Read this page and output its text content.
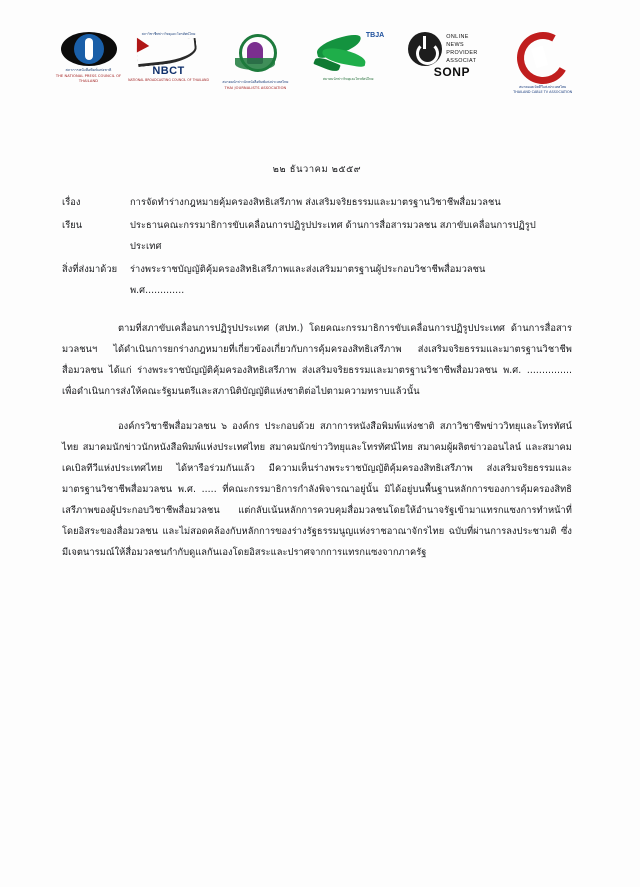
สภาการหนังสือพิมพ์แห่งชาติ
THE NATIONAL PRESS COUNCIL OF THAILAND
สภาวิชาชีพข่าววิทยุและโทรทัศน์ไทย
NBCT
NATIONAL BROADCASTING COUNCIL OF THAILAND	สมาคมนักข่าวนักหนังสือพิมพ์แห่งประเทศไทย
THAI JOURNALISTS ASSOCIATION
TBJA
สมาคมนักข่าววิทยุและโทรทัศน์ไทย
ONLINE
NEWS
PROVIDER
ASSOCIAT
SONP
สมาคมเคเบิลทีวีแห่งประเทศไทย
THAILAND CABLE TV ASSOCIATION
๒๒ ธันวาคม ๒๕๕๙
เรื่อง	การจัดทำร่างกฎหมายคุ้มครองสิทธิเสรีภาพ ส่งเสริมจริยธรรมและมาตรฐานวิชาชีพสื่อมวลชน
เรียน	ประธานคณะกรรมาธิการขับเคลื่อนการปฏิรูปประเทศ ด้านการสื่อสารมวลชน สภาขับเคลื่อนการปฏิรูป
ประเทศ
สิ่งที่ส่งมาด้วย	ร่างพระราชบัญญัติคุ้มครองสิทธิเสรีภาพและส่งเสริมมาตรฐานผู้ประกอบวิชาชีพสื่อมวลชน
พ.ศ.............
ตามที่สภาขับเคลื่อนการปฏิรูปประเทศ (สปท.) โดยคณะกรรมาธิการขับเคลื่อนการปฏิรูปประเทศ ด้านการสื่อสารมวลชนฯ ได้ดำเนินการยกร่างกฎหมายที่เกี่ยวข้องเกี่ยวกับการคุ้มครองสิทธิเสรีภาพ ส่งเสริมจริยธรรมและมาตรฐานวิชาชีพสื่อมวลชน ได้แก่ ร่างพระราชบัญญัติคุ้มครองสิทธิเสรีภาพ ส่งเสริมจริยธรรมและมาตรฐานวิชาชีพสื่อมวลชน พ.ศ. ............... เพื่อดำเนินการส่งให้คณะรัฐมนตรีและสภานิติบัญญัติแห่งชาติต่อไปตามความทราบแล้วนั้น
องค์กรวิชาชีพสื่อมวลชน ๖ องค์กร ประกอบด้วย สภาการหนังสือพิมพ์แห่งชาติ สภาวิชาชีพข่าววิทยุและโทรทัศน์ไทย สมาคมนักข่าวนักหนังสือพิมพ์แห่งประเทศไทย สมาคมนักข่าววิทยุและโทรทัศน์ไทย สมาคมผู้ผลิตข่าวออนไลน์ และสมาคมเคเบิลทีวีแห่งประเทศไทย ได้หารือร่วมกันแล้ว มีความเห็นร่างพระราชบัญญัติคุ้มครองสิทธิเสรีภาพ ส่งเสริมจริยธรรมและมาตรฐานวิชาชีพสื่อมวลชน พ.ศ. ..... ที่คณะกรรมาธิการกำลังพิจารณาอยู่นั้น มิได้อยู่บนพื้นฐานหลักการของการคุ้มครองสิทธิเสรีภาพของผู้ประกอบวิชาชีพสื่อมวลชน แต่กลับเน้นหลักการควบคุมสื่อมวลชนโดยให้อำนาจรัฐเข้ามาแทรกแซงการทำหน้าที่โดยอิสระของสื่อมวลชน และไม่สอดคล้องกับหลักการของร่างรัฐธรรมนูญแห่งราชอาณาจักรไทย ฉบับที่ผ่านการลงประชามติ ซึ่งมีเจตนารมณ์ให้สื่อมวลชนกำกับดูแลกันเองโดยอิสระและปราศจากการแทรกแซงจากภาครัฐ
